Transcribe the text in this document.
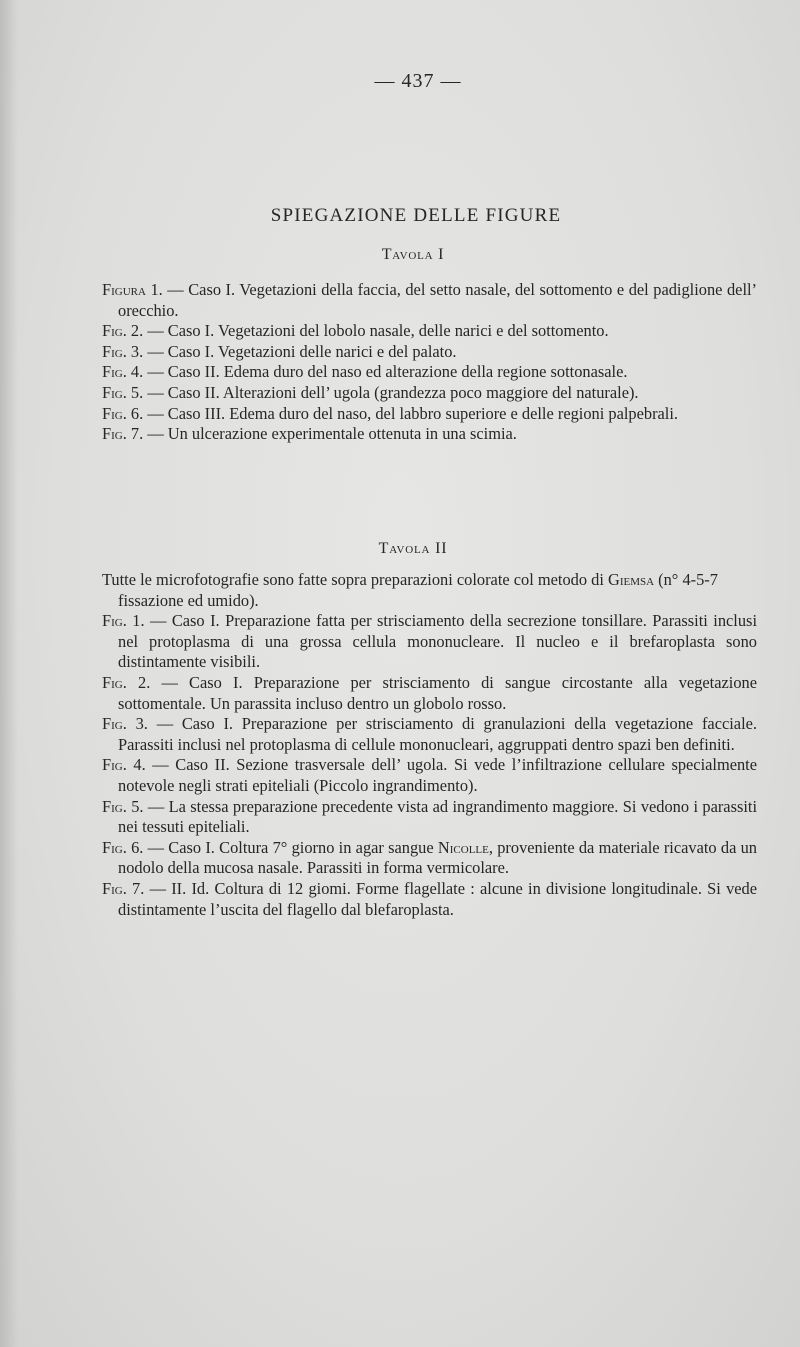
— 437 —
SPIEGAZIONE DELLE FIGURE
Tavola I

Figura 1. — Caso I. Vegetazioni della faccia, del setto nasale, del sottomento e del padiglione dell’ orecchio.

Fig. 2. — Caso I. Vegetazioni del lobolo nasale, delle narici e del sottomento.

Fig. 3. — Caso I. Vegetazioni delle narici e del palato.

Fig. 4. — Caso II. Edema duro del naso ed alterazione della regione sottonasale.

Fig. 5. — Caso II. Alterazioni dell’ ugola (grandezza poco maggiore del naturale).

Fig. 6. — Caso III. Edema duro del naso, del labbro superiore e delle regioni palpebrali.

Fig. 7. — Un ulcerazione experimentale ottenuta in una scimia.

Tavola II

Tutte le microfotografie sono fatte sopra preparazioni colorate col metodo di Giemsa (n° 4-5-7 fissazione ed umido).

Fig. 1. — Caso I. Preparazione fatta per strisciamento della secrezione tonsillare. Parassiti inclusi nel protoplasma di una grossa cellula mononucleare. Il nucleo e il brefaroplasta sono distintamente visibili.

Fig. 2. — Caso I. Preparazione per strisciamento di sangue circostante alla vegetazione sottomentale. Un parassita incluso dentro un globolo rosso.

Fig. 3. — Caso I. Preparazione per strisciamento di granulazioni della vegetazione facciale. Parassiti inclusi nel protoplasma di cellule mononucleari, aggruppati dentro spazi ben definiti.

Fig. 4. — Caso II. Sezione trasversale dell’ ugola. Si vede l’infiltrazione cellulare specialmente notevole negli strati epiteliali (Piccolo ingrandimento).

Fig. 5. — La stessa preparazione precedente vista ad ingrandimento maggiore. Si vedono i parassiti nei tessuti epiteliali.

Fig. 6. — Caso I. Coltura 7° giorno in agar sangue Nicolle, proveniente da materiale ricavato da un nodolo della mucosa nasale. Parassiti in forma vermicolare.

Fig. 7. — II. Id. Coltura di 12 giomi. Forme flagellate : alcune in divisione longitudinale. Si vede distintamente l’uscita del flagello dal blefaroplasta.
